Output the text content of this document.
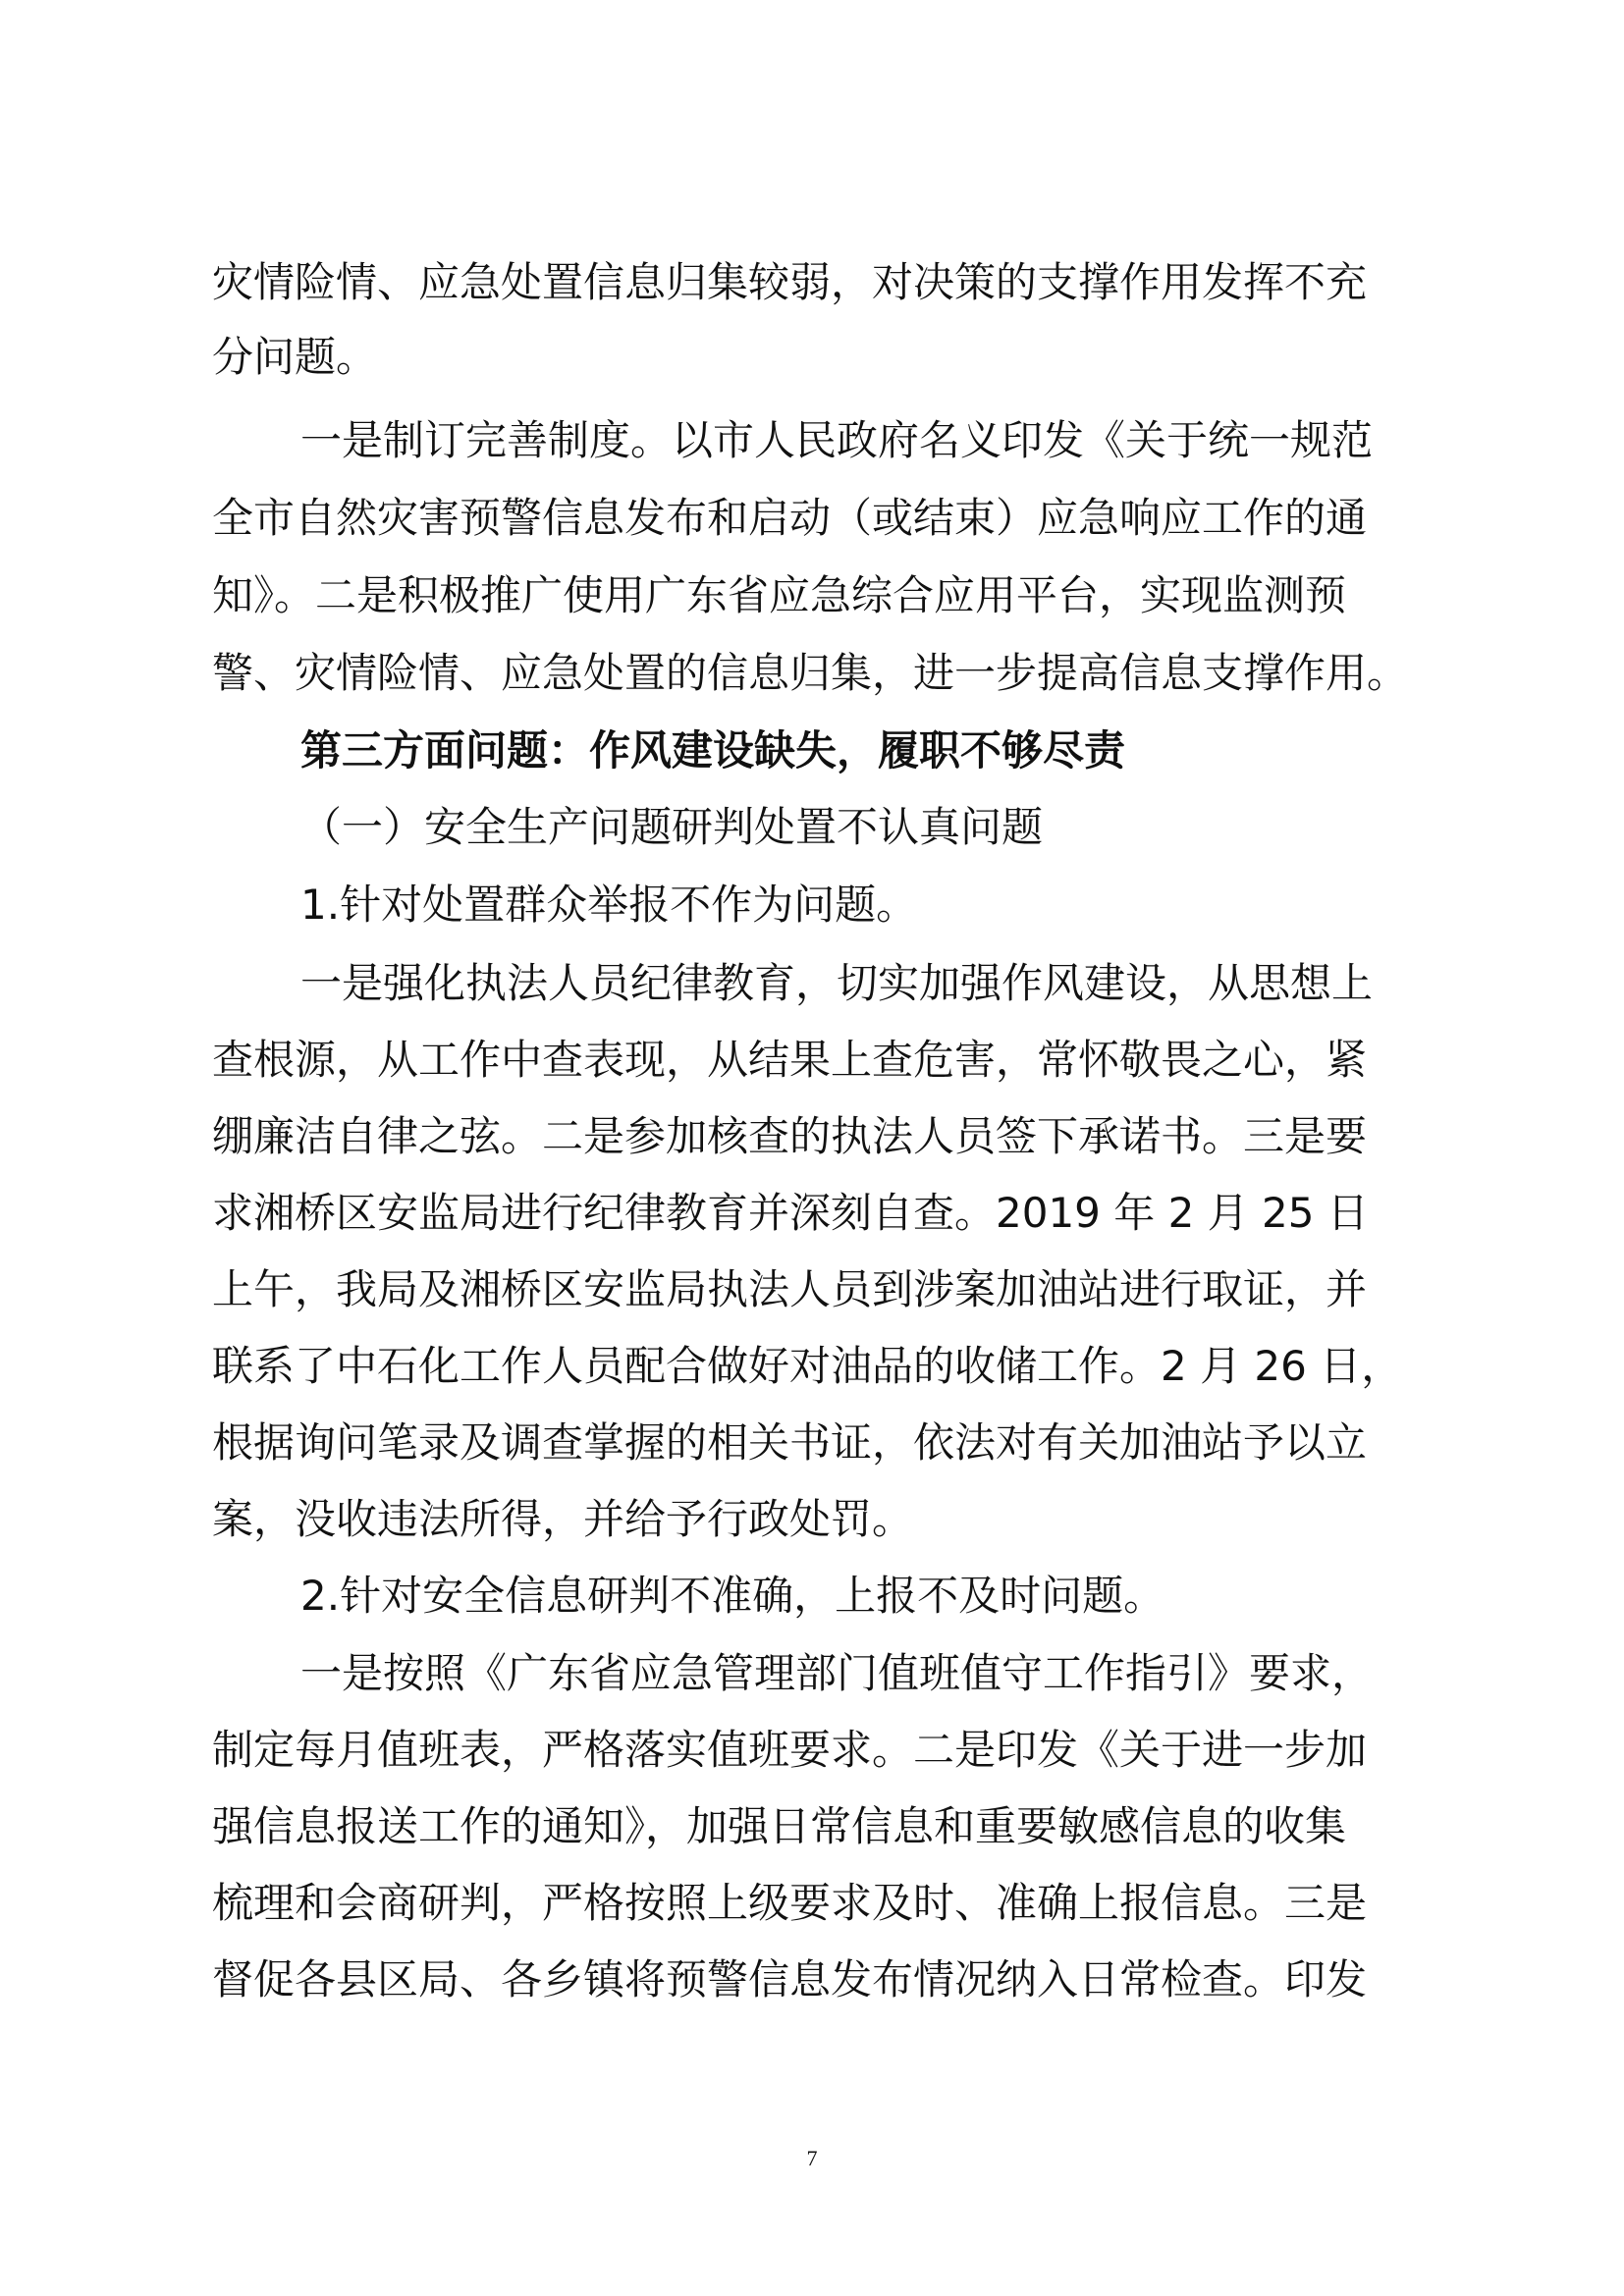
灾情险情、应急处置信息归集较弱，对决策的支撑作用发挥不充
分问题。
一是制订完善制度。以市人民政府名义印发《关于统一规范
全市自然灾害预警信息发布和启动（或结束）应急响应工作的通
知》。二是积极推广使用广东省应急综合应用平台，实现监测预
警、灾情险情、应急处置的信息归集，进一步提高信息支撑作用。
第三方面问题：作风建设缺失，履职不够尽责
（一）安全生产问题研判处置不认真问题
1.针对处置群众举报不作为问题。
一是强化执法人员纪律教育，切实加强作风建设，从思想上
查根源，从工作中查表现，从结果上查危害，常怀敬畏之心，紧
绷廉洁自律之弦。二是参加核查的执法人员签下承诺书。三是要
求湘桥区安监局进行纪律教育并深刻自查。2019 年 2 月 25 日
上午，我局及湘桥区安监局执法人员到涉案加油站进行取证，并
联系了中石化工作人员配合做好对油品的收储工作。2 月 26 日，
根据询问笔录及调查掌握的相关书证，依法对有关加油站予以立
案，没收违法所得，并给予行政处罚。
2.针对安全信息研判不准确，上报不及时问题。
一是按照《广东省应急管理部门值班值守工作指引》要求，
制定每月值班表，严格落实值班要求。二是印发《关于进一步加
强信息报送工作的通知》，加强日常信息和重要敏感信息的收集
梳理和会商研判，严格按照上级要求及时、准确上报信息。三是
督促各县区局、各乡镇将预警信息发布情况纳入日常检查。印发
7
